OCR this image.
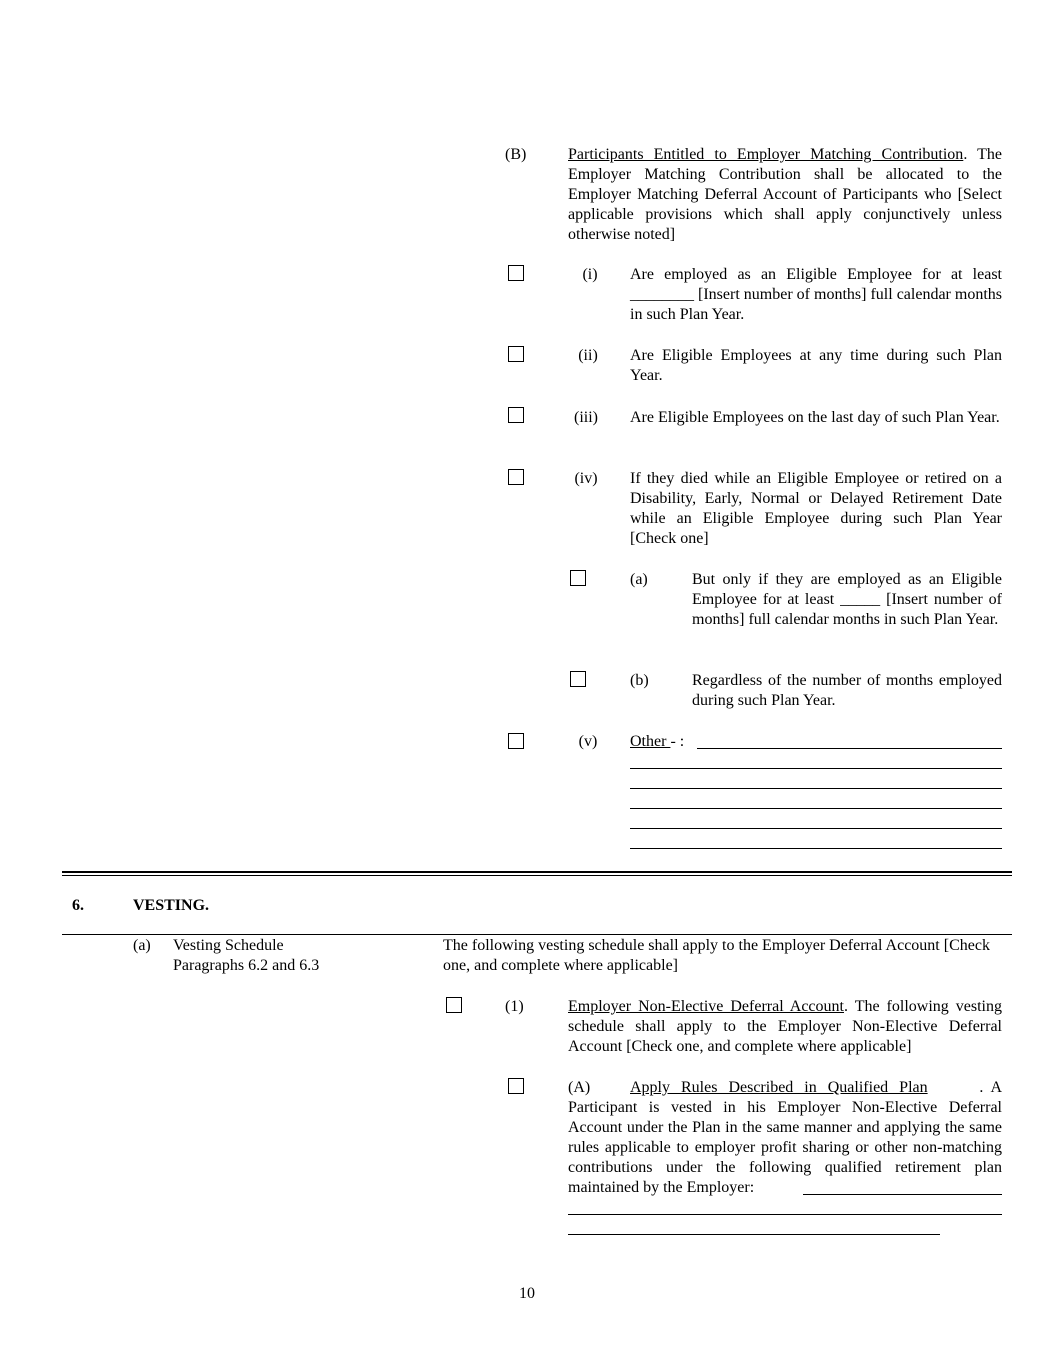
(B)	Participants Entitled to Employer Matching Contribution. The Employer Matching Contribution shall be allocated to the Employer Matching Deferral Account of Participants who [Select applicable provisions which shall apply conjunctively unless otherwise noted]
(i)	Are employed as an Eligible Employee for at least ________ [Insert number of months] full calendar months in such Plan Year.
(ii)	Are Eligible Employees at any time during such Plan Year.
(iii)	Are Eligible Employees on the last day of such Plan Year.
(iv)	If they died while an Eligible Employee or retired on a Disability, Early, Normal or Delayed Retirement Date while an Eligible Employee during such Plan Year [Check one]
(a)	But only if they are employed as an Eligible Employee for at least _____ [Insert number of months] full calendar months in such Plan Year.
(b)	Regardless of the number of months employed during such Plan Year.
(v)	Other - :
6.	VESTING.
(a) Vesting Schedule
Paragraphs 6.2 and 6.3
The following vesting schedule shall apply to the Employer Deferral Account [Check one, and complete where applicable]
(1)	Employer Non-Elective Deferral Account. The following vesting schedule shall apply to the Employer Non-Elective Deferral Account [Check one, and complete where applicable]
(A) Apply Rules Described in Qualified Plan	.  A
Participant is vested in his Employer Non-Elective Deferral Account under the Plan in the same manner and applying the same rules applicable to employer profit sharing or other non-matching contributions under the following qualified retirement plan maintained by the Employer:
10
